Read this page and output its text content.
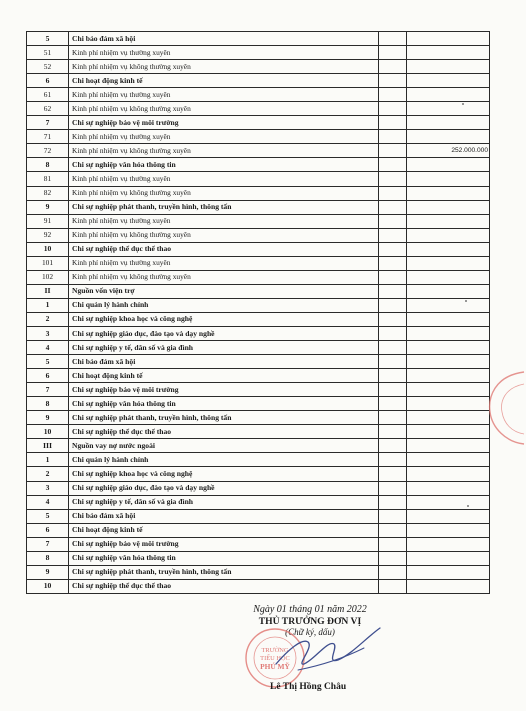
5	Chi bảo đảm xã hội		
51	Kinh phí nhiệm vụ thường xuyên		
52	Kinh phí nhiệm vụ không thường xuyên		
6	Chi hoạt động kinh tế		
61	Kinh phí nhiệm vụ thường xuyên		
62	Kinh phí nhiệm vụ không thường xuyên		
7	Chi sự nghiệp bảo vệ môi trường		
71	Kinh phí nhiệm vụ thường xuyên		
72	Kinh phí nhiệm vụ không thường xuyên		252.000.000
8	Chi sự nghiệp văn hóa thông tin		
81	Kinh phí nhiệm vụ thường xuyên		
82	Kinh phí nhiệm vụ không thường xuyên		
9	Chi sự nghiệp phát thanh, truyền hình, thông tấn		
91	Kinh phí nhiệm vụ thường xuyên		
92	Kinh phí nhiệm vụ không thường xuyên		
10	Chi sự nghiệp thể dục thể thao		
101	Kinh phí nhiệm vụ thường xuyên		
102	Kinh phí nhiệm vụ không thường xuyên		
II	Nguồn vốn viện trợ		
1	Chi quản lý hành chính		
2	Chi sự nghiệp khoa học và công nghệ		
3	Chi sự nghiệp giáo dục, đào tạo và dạy nghề		
4	Chi sự nghiệp y tế, dân số và gia đình		
5	Chi bảo đảm xã hội		
6	Chi hoạt động kinh tế		
7	Chi sự nghiệp bảo vệ môi trường		
8	Chi sự nghiệp văn hóa thông tin		
9	Chi sự nghiệp phát thanh, truyền hình, thông tấn		
10	Chi sự nghiệp thể dục thể thao		
III	Nguồn vay nợ nước ngoài		
1	Chi quản lý hành chính		
2	Chi sự nghiệp khoa học và công nghệ		
3	Chi sự nghiệp giáo dục, đào tạo và dạy nghề		
4	Chi sự nghiệp y tế, dân số và gia đình		
5	Chi bảo đảm xã hội		
6	Chi hoạt động kinh tế		
7	Chi sự nghiệp bảo vệ môi trường		
8	Chi sự nghiệp văn hóa thông tin		
9	Chi sự nghiệp phát thanh, truyền hình, thông tấn		
10	Chi sự nghiệp thể dục thể thao		
Ngày 01 tháng 01 năm 2022
THỦ TRƯỞNG ĐƠN VỊ
(Chữ ký, dấu)
TRƯỜNG
TIỂU HỌC
PHÚ MỸ
Lê Thị Hồng Châu
